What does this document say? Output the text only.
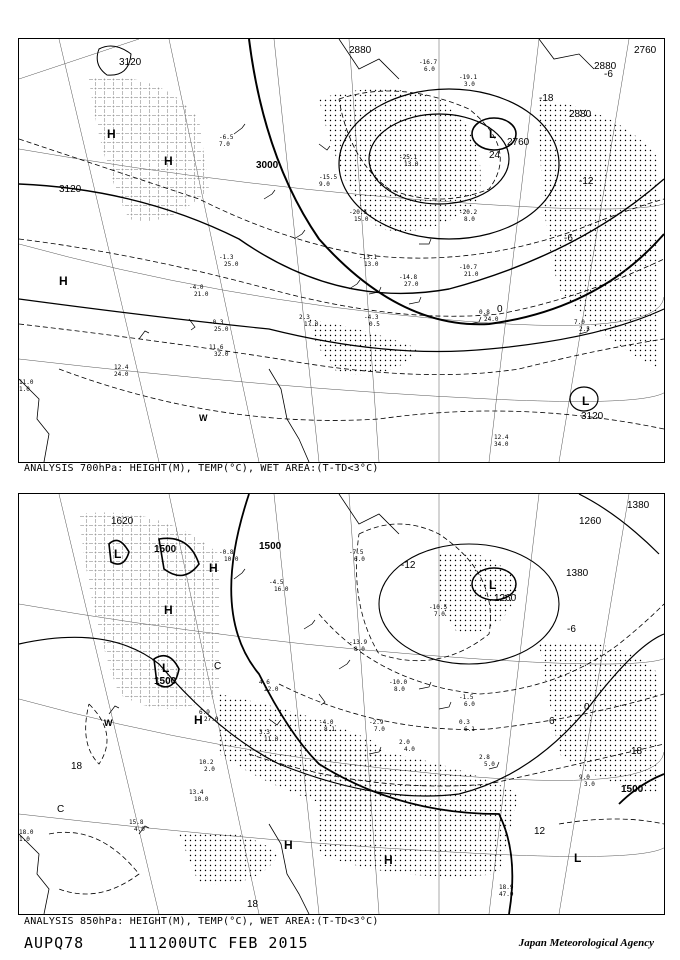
-6.5
7.0
-15.5
9.0
-20.5
15.0
-25.1
13.0
-20.2
8.0
-13.1
13.0
-14.8
27.0
-10.7
21.0
-1.3
25.0
-4.0
21.0
-0.3
25.0
2.3
17.0
-4.3
0.5
0.8
24.0	7.0
2.5
11.6
32.0
12.4
24.0
11.0
1.0
12.4
34.0
-19.1
3.0
-16.7
6.0
2880	2760
2880
2880
3120
3000
3120
3120
2760
-18
-12
-6
0
-6
24
L
L
H
H
H
W
ANALYSIS 700hPa: HEIGHT(M), TEMP(°C), WET AREA:(T-TD<3°C)
-0.8
10.0
-4.5
16.0
-7.5
6.0
-10.5
7.0
-13.9
8.0
-10.0
8.0
-1.5
6.0
0.3
6.1
-2.9
7.0
-4.0
8.1
4.6
22.0
6.9
27.0
3.3
11.0	2.0
4.0
2.8
5.0
9.0
3.0
10.2
2.0
13.4
10.0
15.8
4.0
18.0
1.0
18.9
47.0
1380
1260
1380
1260
1500
1500
1500
1620
1500
-12
-6
0
6
12
18
18
18
L
L
L
L
H
H
H
H
H
W
C
C
ANALYSIS 850hPa: HEIGHT(M), TEMP(°C), WET AREA:(T-TD<3°C)
AUPQ78	111200UTC FEB 2015	Japan Meteorological Agency
